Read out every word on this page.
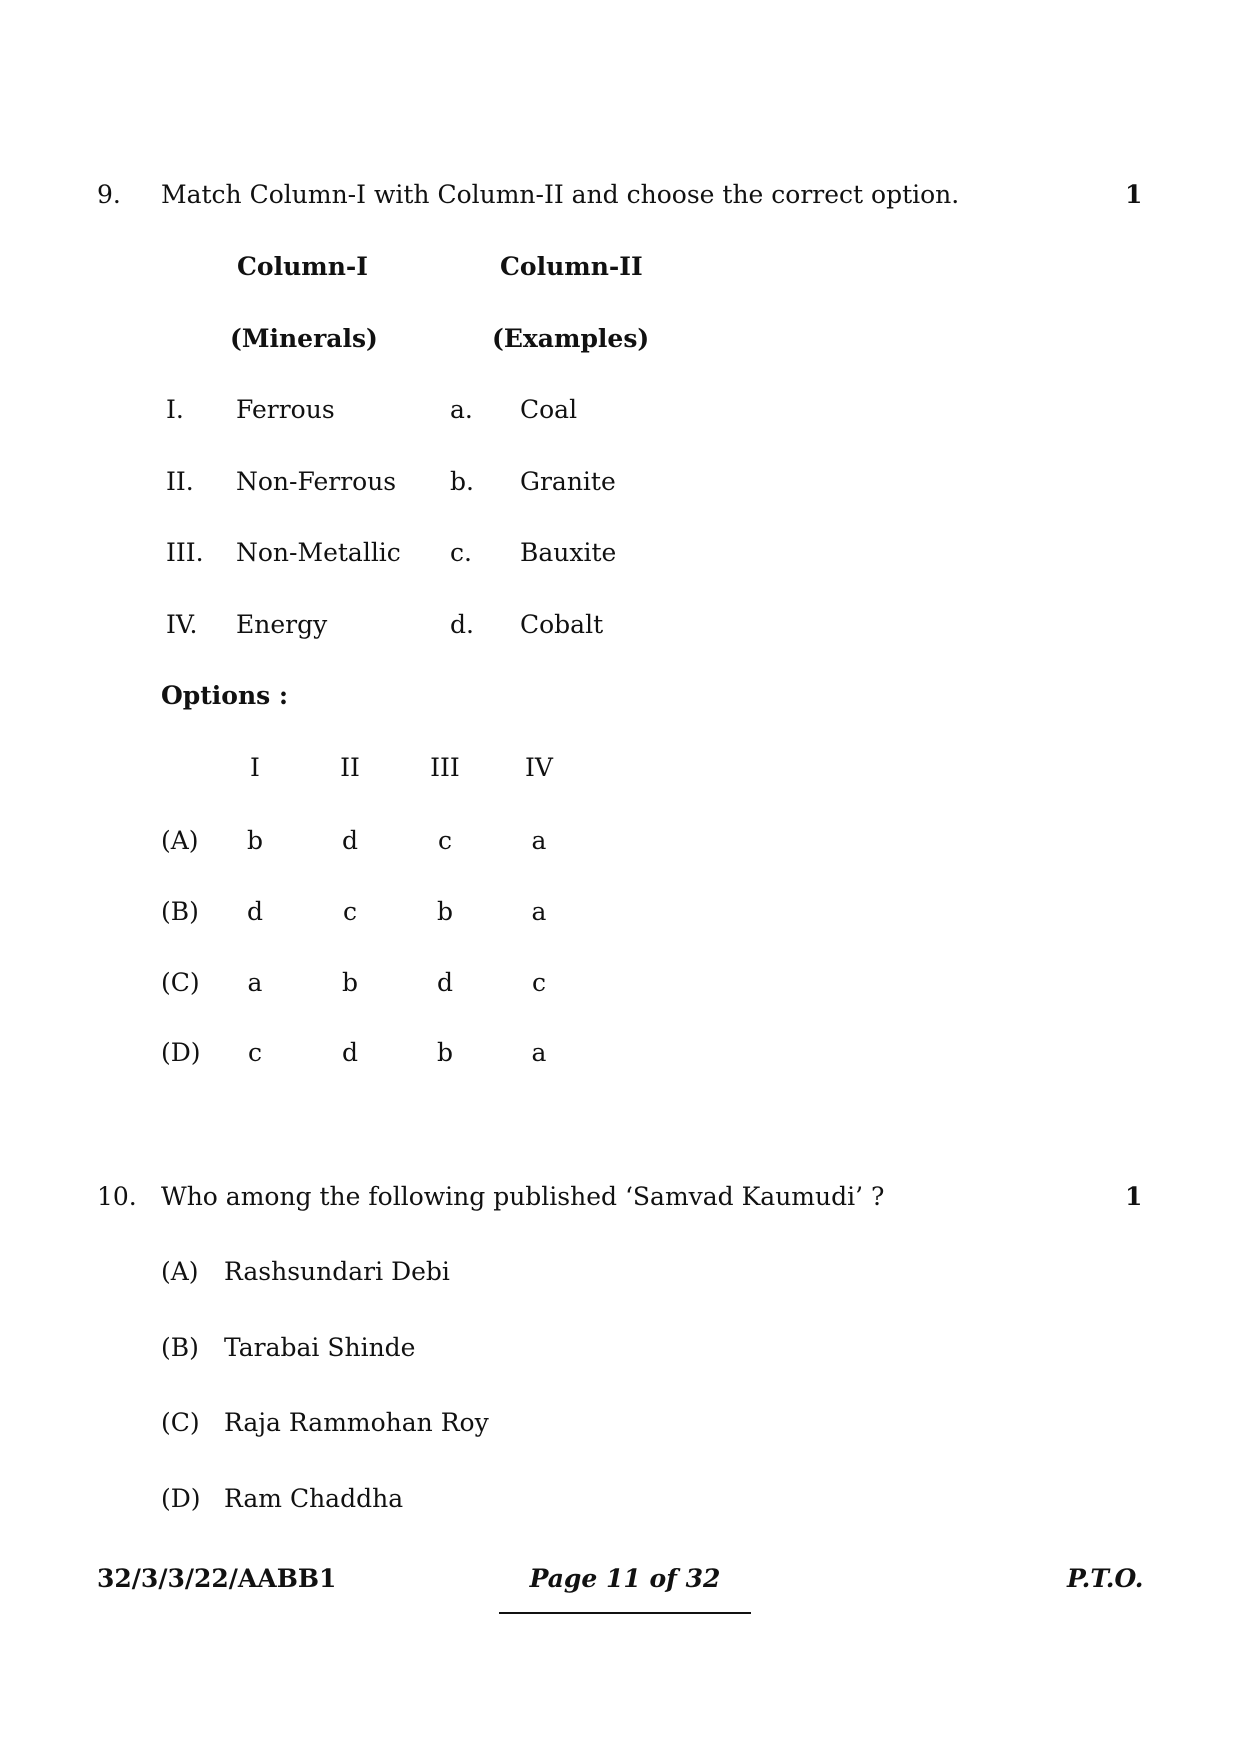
9. Match Column-I with Column-II and choose the correct option.	1
Column-I	Column-II
(Minerals)	(Examples)
I. Ferrous	a. Coal
II. Non-Ferrous b. Granite
III. Non-Metallic c. Bauxite
IV. Energy	d. Cobalt
Options :
I	II	III	IV
(A)	b	d	c	a
(B)	d	c	b	a
(C)	a	b	d	c
(D)	c	d	b	a
10. Who among the following published ‘Samvad Kaumudi’ ?	1
(A) Rashsundari Debi
(B) Tarabai Shinde
(C) Raja Rammohan Roy
(D) Ram Chaddha
32/3/3/22/AABB1	Page 11 of 32	P.T.O.
